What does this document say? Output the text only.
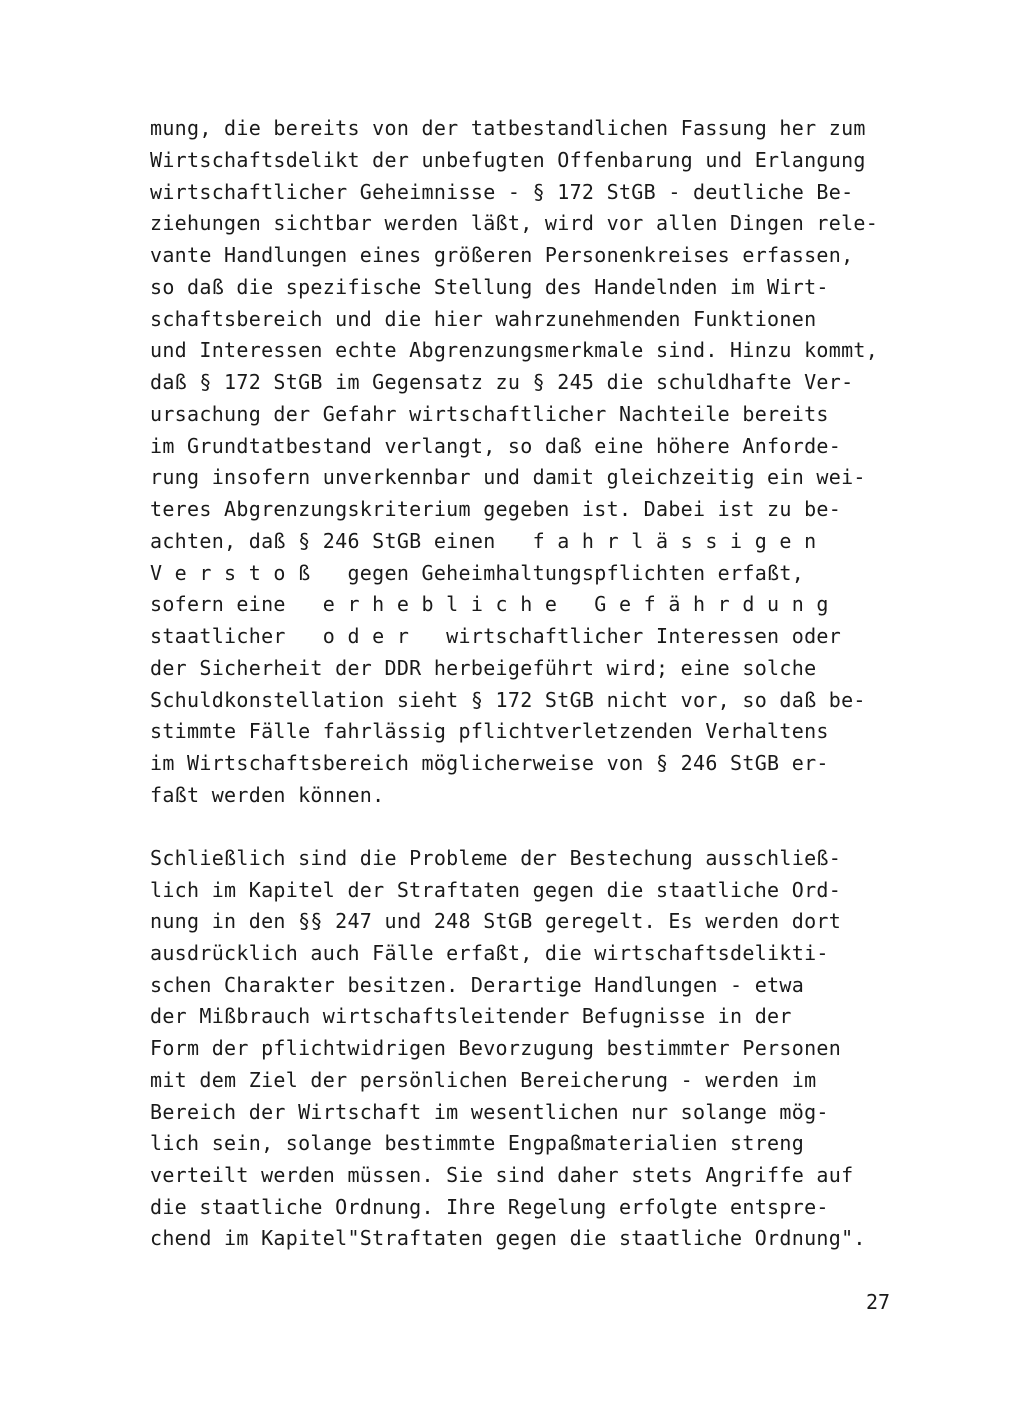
mung, die bereits von der tatbestandlichen Fassung her zum
Wirtschaftsdelikt der unbefugten Offenbarung und Erlangung
wirtschaftlicher Geheimnisse - § 172 StGB - deutliche Be-
ziehungen sichtbar werden läßt, wird vor allen Dingen rele-
vante Handlungen eines größeren Personenkreises erfassen,
so daß die spezifische Stellung des Handelnden im Wirt-
schaftsbereich und die hier wahrzunehmenden Funktionen
und Interessen echte Abgrenzungsmerkmale sind. Hinzu kommt,
daß § 172 StGB im Gegensatz zu § 245 die schuldhafte Ver-
ursachung der Gefahr wirtschaftlicher Nachteile bereits
im Grundtatbestand verlangt, so daß eine höhere Anforde-
rung insofern unverkennbar und damit gleichzeitig ein wei-
teres Abgrenzungskriterium gegeben ist. Dabei ist zu be-
achten, daß § 246 StGB einen   f a h r l ä s s i g e n
V e r s t o ß   gegen Geheimhaltungspflichten erfaßt,
sofern eine   e r h e b l i c h e   G e f ä h r d u n g
staatlicher   o d e r   wirtschaftlicher Interessen oder
der Sicherheit der DDR herbeigeführt wird; eine solche
Schuldkonstellation sieht § 172 StGB nicht vor, so daß be-
stimmte Fälle fahrlässig pflichtverletzenden Verhaltens
im Wirtschaftsbereich möglicherweise von § 246 StGB er-
faßt werden können.
Schließlich sind die Probleme der Bestechung ausschließ-
lich im Kapitel der Straftaten gegen die staatliche Ord-
nung in den §§ 247 und 248 StGB geregelt. Es werden dort
ausdrücklich auch Fälle erfaßt, die wirtschaftsdelikti-
schen Charakter besitzen. Derartige Handlungen - etwa
der Mißbrauch wirtschaftsleitender Befugnisse in der
Form der pflichtwidrigen Bevorzugung bestimmter Personen
mit dem Ziel der persönlichen Bereicherung - werden im
Bereich der Wirtschaft im wesentlichen nur solange mög-
lich sein, solange bestimmte Engpaßmaterialien streng
verteilt werden müssen. Sie sind daher stets Angriffe auf
die staatliche Ordnung. Ihre Regelung erfolgte entspre-
chend im Kapitel"Straftaten gegen die staatliche Ordnung".
27
